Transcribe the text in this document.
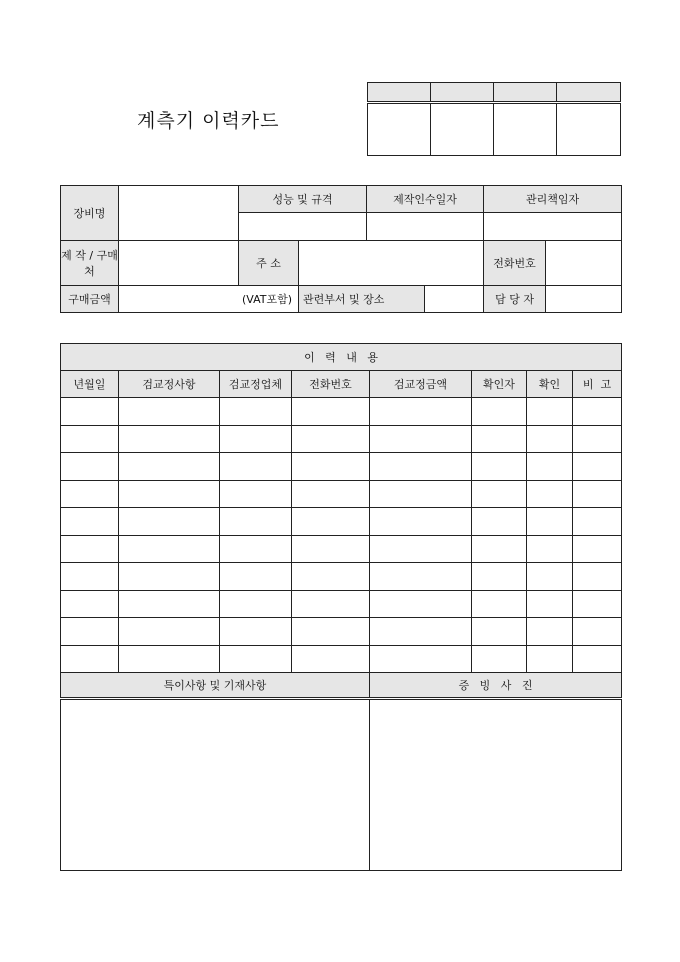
계측기 이력카드

장비명		성능 및 규격		제작인수일자		관리책임자	

제 작 / 구매처		주 소				전화번호	
구매금액	(VAT포함)		관련부서 및 장소			담 당 자	
이   력   내   용							
년월일	검교정사항	검교정업체	전화번호	검교정금액	확인자	확인	비  고

특이사항 및 기재사항				증   빙   사   진			
